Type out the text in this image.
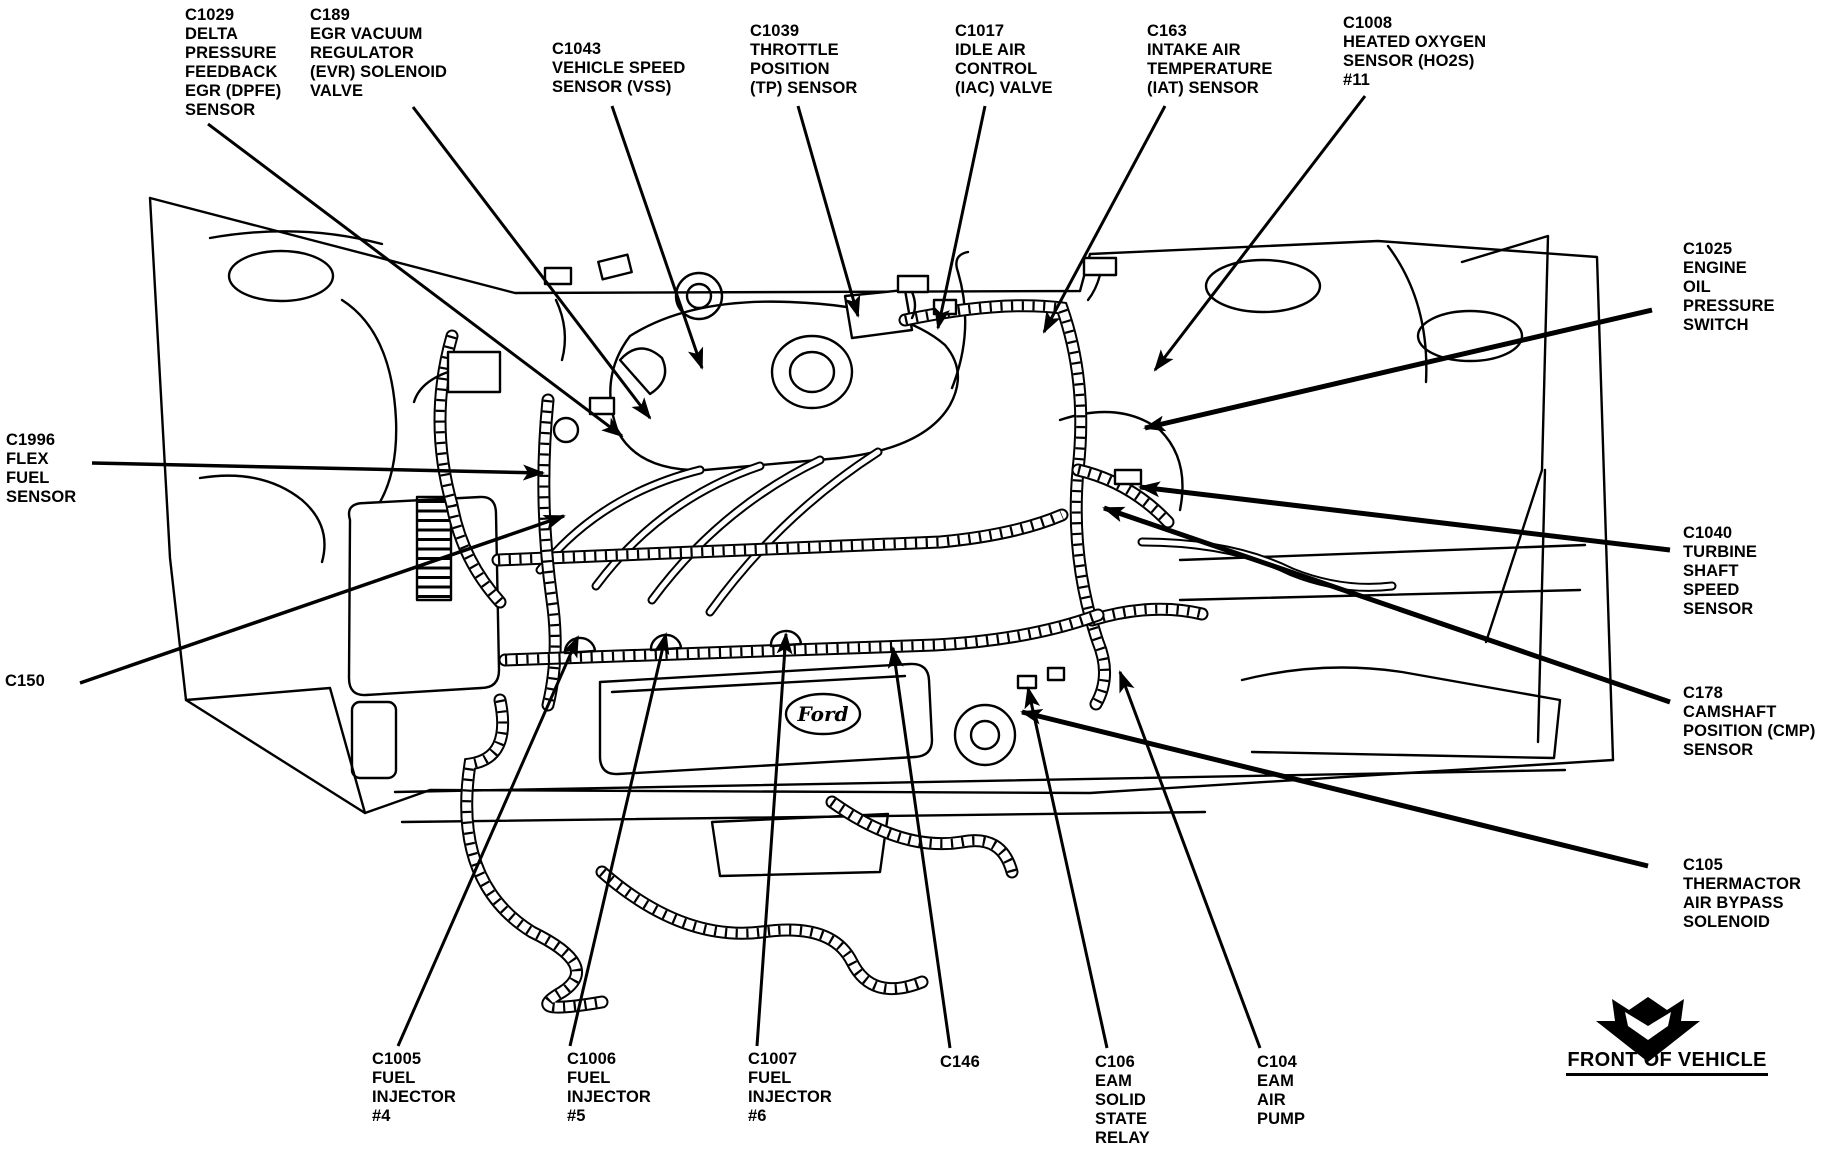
Ford
C1029
DELTA
PRESSURE
FEEDBACK
EGR (DPFE)
SENSOR
C189
EGR VACUUM
REGULATOR
(EVR) SOLENOID
VALVE
C1043
VEHICLE SPEED
SENSOR (VSS)
C1039
THROTTLE
POSITION
(TP) SENSOR
C1017
IDLE AIR
CONTROL
(IAC) VALVE
C163
INTAKE AIR
TEMPERATURE
(IAT) SENSOR
C1008
HEATED OXYGEN
SENSOR (HO2S)
#11
C1025
ENGINE
OIL
PRESSURE
SWITCH
C1040
TURBINE
SHAFT
SPEED
SENSOR
C178
CAMSHAFT
POSITION (CMP)
SENSOR
C105
THERMACTOR
AIR BYPASS
SOLENOID
C1996
FLEX
FUEL
SENSOR
C150
C1005
FUEL
INJECTOR
#4
C1006
FUEL
INJECTOR
#5
C1007
FUEL
INJECTOR
#6
C146	C106
EAM
SOLID
STATE
RELAY
C104
EAM
AIR
PUMP
FRONT OF VEHICLE
